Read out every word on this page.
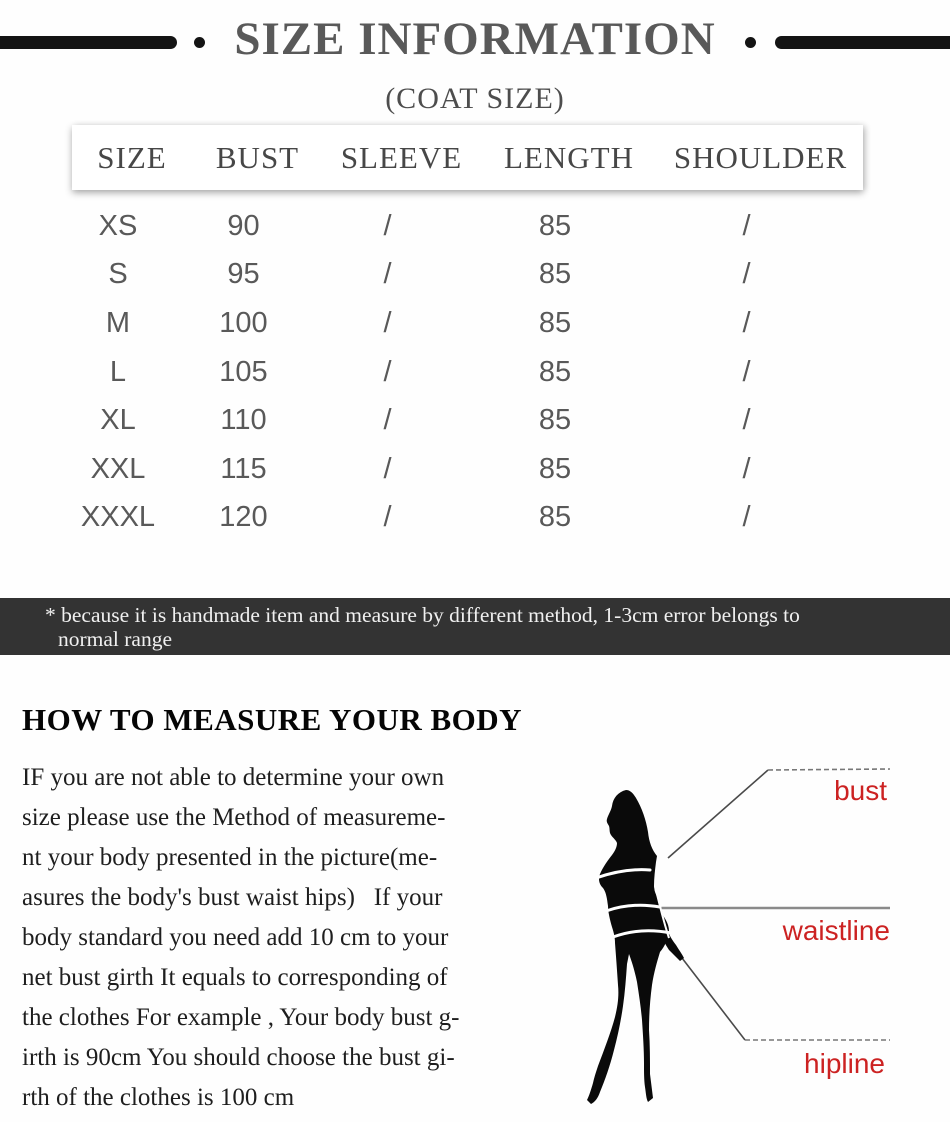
SIZE INFORMATION
(COAT SIZE)
SIZE	BUST	SLEEVE	LENGTH	SHOULDER
XS	90	/	85	/
S	95	/	85	/
M	100	/	85	/
L	105	/	85	/
XL	110	/	85	/
XXL	115	/	85	/
XXXL	120	/	85	/
* because it is handmade item and measure by different method, 1-3cm error belongs to
normal range
HOW TO MEASURE YOUR BODY
IF you are not able to determine your own
size please use the Method of measureme-
nt your body presented in the picture(me-
asures the body's bust waist hips)   If your
body standard you need add 10 cm to your
net bust girth It equals to corresponding of
the clothes For example , Your body bust g-
irth is 90cm You should choose the bust gi-
rth of the clothes is 100 cm
bust
waistline
hipline
